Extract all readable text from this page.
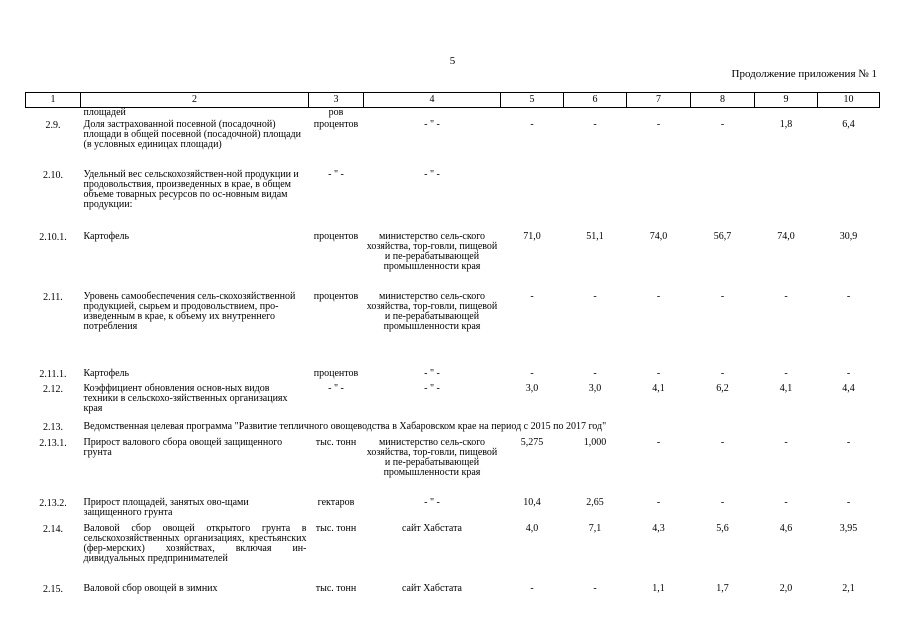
5
Продолжение приложения № 1
1	2	3	4	5	6	7	8	9	10
	площадей	ров							
2.9.	Доля застрахованной посевной (посадочной) площади в общей посевной (посадочной) площади (в условных единицах площади)	процентов	- " -	-	-	-	-	1,8	6,4
2.10.	Удельный вес сельскохозяйствен-ной продукции и продовольствия, произведенных в крае, в общем объеме товарных ресурсов по ос-новным видам продукции:	- " -	- " -						
2.10.1.	Картофель	процентов	министерство сель-ского хозяйства, тор-говли, пищевой и пе-рерабатывающей промышленности края	71,0	51,1	74,0	56,7	74,0	30,9
2.11.	Уровень самообеспечения сель-скохозяйственной продукцией, сырьем и продовольствием, про-изведенным в крае, к объему их внутреннего потребления	процентов	министерство сель-ского хозяйства, тор-говли, пищевой и пе-рерабатывающей промышленности края	-	-	-	-	-	-
2.11.1.	Картофель	процентов	- " -	-	-	-	-	-	-
2.12.	Коэффициент обновления основ-ных видов техники в сельскохо-зяйственных организациях края	- " -	- " -	3,0	3,0	4,1	6,2	4,1	4,4
2.13.	Ведомственная целевая программа "Развитие тепличного овощеводства в Хабаровском крае на период с 2015 по 2017 год"								
2.13.1.	Прирост валового сбора овощей защищенного грунта	тыс. тонн	министерство сель-ского хозяйства, тор-говли, пищевой и пе-рерабатывающей промышленности края	5,275	1,000	-	-	-	-
2.13.2.	Прирост площадей, занятых ово-щами защищенного грунта	гектаров	- " -	10,4	2,65	-	-	-	-
2.14.	Валовой сбор овощей открытого грунта в сельскохозяйственных организациях, крестьянских (фер-мерских) хозяйствах, включая ин-дивидуальных предпринимателей	тыс. тонн	сайт Хабстата	4,0	7,1	4,3	5,6	4,6	3,95
2.15.	Валовой сбор овощей в зимних	тыс. тонн	сайт Хабстата	-	-	1,1	1,7	2,0	2,1
